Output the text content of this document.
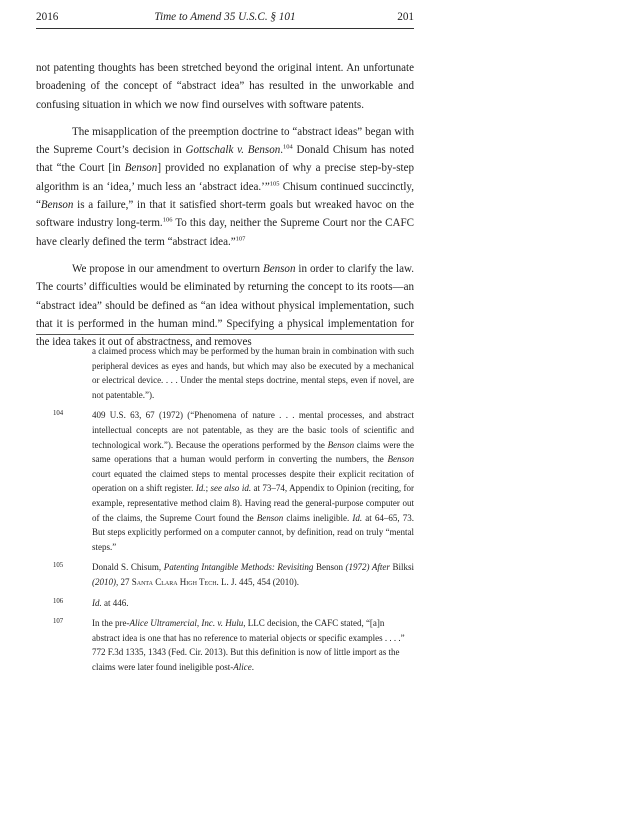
2016	Time to Amend 35 U.S.C. § 101	201

not patenting thoughts has been stretched beyond the original intent. An unfortunate broadening of the concept of “abstract idea” has resulted in the unworkable and confusing situation in which we now find ourselves with software patents.

The misapplication of the preemption doctrine to “abstract ideas” began with the Supreme Court’s decision in Gottschalk v. Benson.$^{104}$ Donald Chisum has noted that “the Court [in Benson] provided no explanation of why a precise step-by-step algorithm is an ‘idea,’ much less an ‘abstract idea.’”$^{105}$ Chisum continued succinctly, “Benson is a failure,” in that it satisfied short-term goals but wreaked havoc on the software industry long-term.$^{106}$ To this day, neither the Supreme Court nor the CAFC have clearly defined the term “abstract idea.”$^{107}$

We propose in our amendment to overturn Benson in order to clarify the law. The courts’ difficulties would be eliminated by returning the concept to its roots—an “abstract idea” should be defined as “an idea without physical implementation, such that it is performed in the human mind.” Specifying a physical implementation for the idea takes it out of abstractness, and removes

a claimed process which may be performed by the human brain in combination with such peripheral devices as eyes and hands, but which may also be executed by a mechanical or electrical device. . . . Under the mental steps doctrine, mental steps, even if novel, are not patentable.”).
104	409 U.S. 63, 67 (1972) (“Phenomena of nature . . . mental processes, and abstract intellectual concepts are not patentable, as they are the basic tools of scientific and technological work.”). Because the operations performed by the Benson claims were the same operations that a human would perform in converting the numbers, the Benson court equated the claimed steps to mental processes despite their explicit recitation of operation on a shift register. Id.; see also id. at 73–74, Appendix to Opinion (reciting, for example, representative method claim 8). Having read the general-purpose computer out of the claims, the Supreme Court found the Benson claims ineligible. Id. at 64–65, 73. But steps explicitly performed on a computer cannot, by definition, read on truly “mental steps.”
105	Donald S. Chisum, Patenting Intangible Methods: Revisiting Benson (1972) After Bilksi (2010), 27 Santa Clara High Tech. L. J. 445, 454 (2010).
106	Id. at 446.
107	In the pre-Alice Ultramercial, Inc. v. Hulu, LLC decision, the CAFC stated, “[a]n abstract idea is one that has no reference to material objects or specific examples . . . .” 772 F.3d 1335, 1343 (Fed. Cir. 2013). But this definition is now of little import as the claims were later found ineligible post-Alice.
